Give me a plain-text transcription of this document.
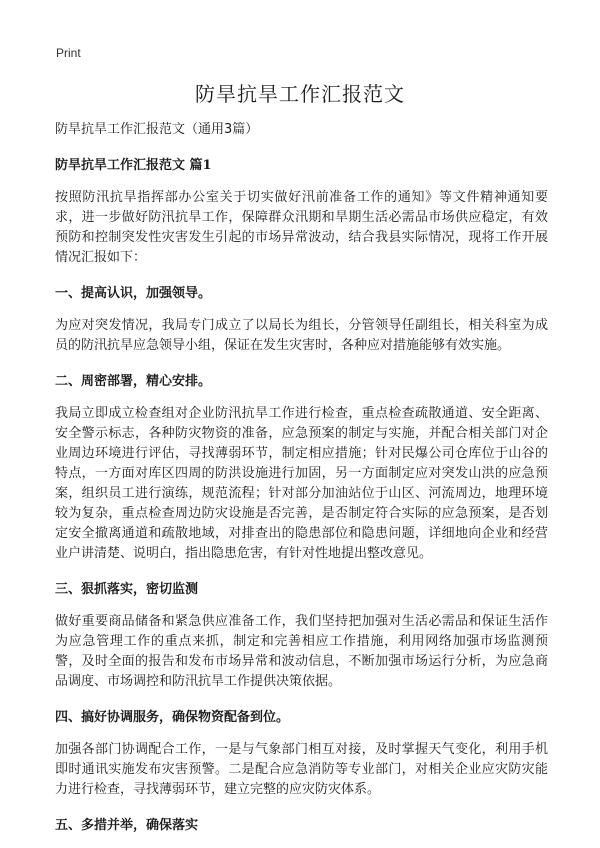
Print
防旱抗旱工作汇报范文

防旱抗旱工作汇报范文（通用3篇）

防旱抗旱工作汇报范文 篇1

按照防汛抗旱指挥部办公室关于切实做好汛前准备工作的通知》等文件精神通知要求，进一步做好防汛抗旱工作，保障群众汛期和旱期生活必需品市场供应稳定，有效预防和控制突发性灾害发生引起的市场异常波动，结合我县实际情况，现将工作开展情况汇报如下：

一、提高认识，加强领导。

为应对突发情况，我局专门成立了以局长为组长，分管领导任副组长，相关科室为成员的防汛抗旱应急领导小组，保证在发生灾害时，各种应对措施能够有效实施。

二、周密部署，精心安排。

我局立即成立检查组对企业防汛抗旱工作进行检查，重点检查疏散通道、安全距离、安全警示标志，各种防灾物资的准备，应急预案的制定与实施，并配合相关部门对企业周边环境进行评估，寻找薄弱环节，制定相应措施；针对民爆公司仓库位于山谷的特点，一方面对库区四周的防洪设施进行加固，另一方面制定应对突发山洪的应急预案，组织员工进行演练，规范流程；针对部分加油站位于山区、河流周边，地理环境较为复杂，重点检查周边防灾设施是否完善，是否制定符合实际的应急预案，是否划定安全撤离通道和疏散地域，对排查出的隐患部位和隐患问题，详细地向企业和经营业户讲清楚、说明白，指出隐患危害，有针对性地提出整改意见。

三、狠抓落实，密切监测

做好重要商品储备和紧急供应准备工作，我们坚持把加强对生活必需品和保证生活作为应急管理工作的重点来抓，制定和完善相应工作措施，利用网络加强市场监测预警，及时全面的报告和发布市场异常和波动信息，不断加强市场运行分析，为应急商品调度、市场调控和防汛抗旱工作提供决策依据。

四、搞好协调服务，确保物资配备到位。

加强各部门协调配合工作，一是与气象部门相互对接，及时掌握天气变化，利用手机即时通讯实施发布灾害预警。二是配合应急消防等专业部门，对相关企业应灾防灾能力进行检查，寻找薄弱环节，建立完整的应灾防灾体系。

五、多措并举，确保落实
